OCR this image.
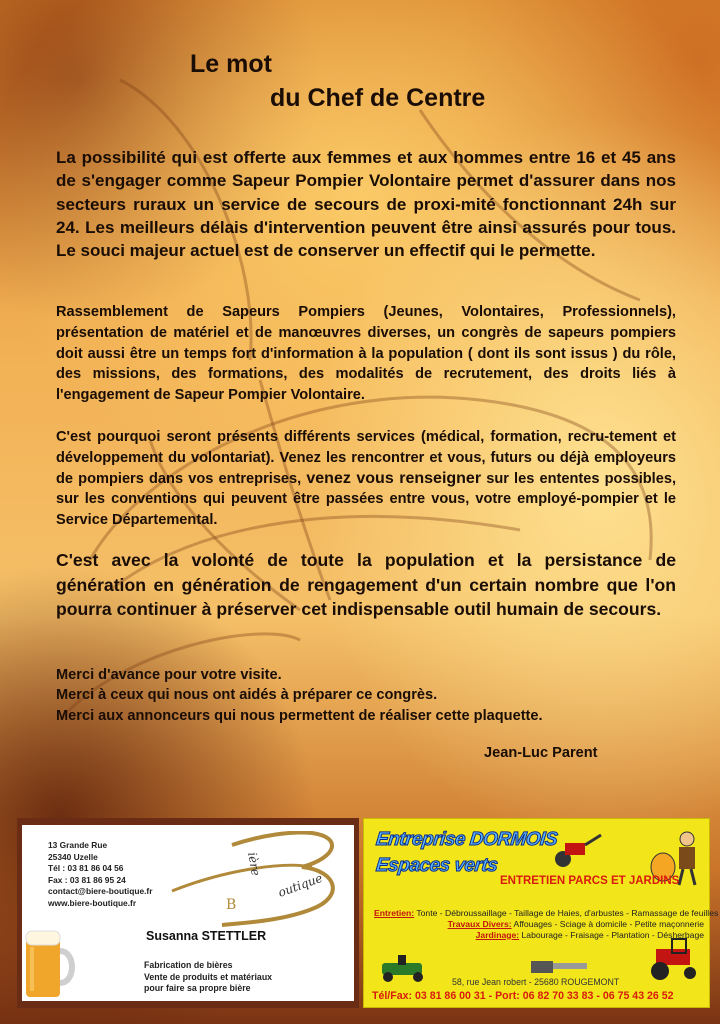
Le mot
du Chef de Centre

La possibilité qui est offerte aux femmes et aux hommes entre 16 et 45 ans de s'engager comme Sapeur Pompier Volontaire permet d'assurer dans nos secteurs ruraux un service de secours de proxi-mité fonctionnant 24h sur 24. Les meilleurs délais d'intervention peuvent être ainsi assurés pour tous. Le souci majeur actuel est de conserver un effectif qui le permette.

Rassemblement de Sapeurs Pompiers (Jeunes, Volontaires, Professionnels), présentation de matériel et de manœuvres diverses, un congrès de sapeurs pompiers doit aussi être un temps fort d'information à la population ( dont ils sont issus ) du rôle, des missions, des formations, des modalités de recrutement, des droits liés à l'engagement de Sapeur Pompier Volontaire.

C'est pourquoi seront présents différents services (médical, formation, recru-tement et développement du volontariat). Venez les rencontrer et vous, futurs ou déjà employeurs de pompiers dans vos entreprises, venez vous renseigner sur les ententes possibles, sur les conventions qui peuvent être passées entre vous, votre employé-pompier et le Service Départemental.

C'est avec la volonté de toute la population et la persistance de génération en génération de rengagement d'un certain nombre que l'on pourra continuer à préserver cet indispensable outil humain de secours.

Merci d'avance pour votre visite.
Merci à ceux qui nous ont aidés à préparer ce congrès.
Merci aux annonceurs qui nous permettent de réaliser cette plaquette.
Jean-Luc Parent
13 Grande Rue
25340 Uzelle
Tél : 03 81 86 04 56
Fax : 03 81 86 95 24
contact@biere-boutique.fr
www.biere-boutique.fr
ière
outique
B
Susanna STETTLER
Fabrication de bières
Vente de produits et matériaux
pour faire sa propre bière
Entreprise DORMOIS
Espaces verts
ENTRETIEN PARCS ET JARDINS
Entretien: Tonte - Débroussaillage - Taillage de Haies, d'arbustes - Ramassage de feuilles
Travaux Divers: Affouages - Sciage à domicile - Petite maçonnerie
Jardinage: Labourage - Fraisage - Plantation - Désherbage
58, rue Jean robert - 25680 ROUGEMONT
Tél/Fax: 03 81 86 00 31 - Port: 06 82 70 33 83 - 06 75 43 26 52
